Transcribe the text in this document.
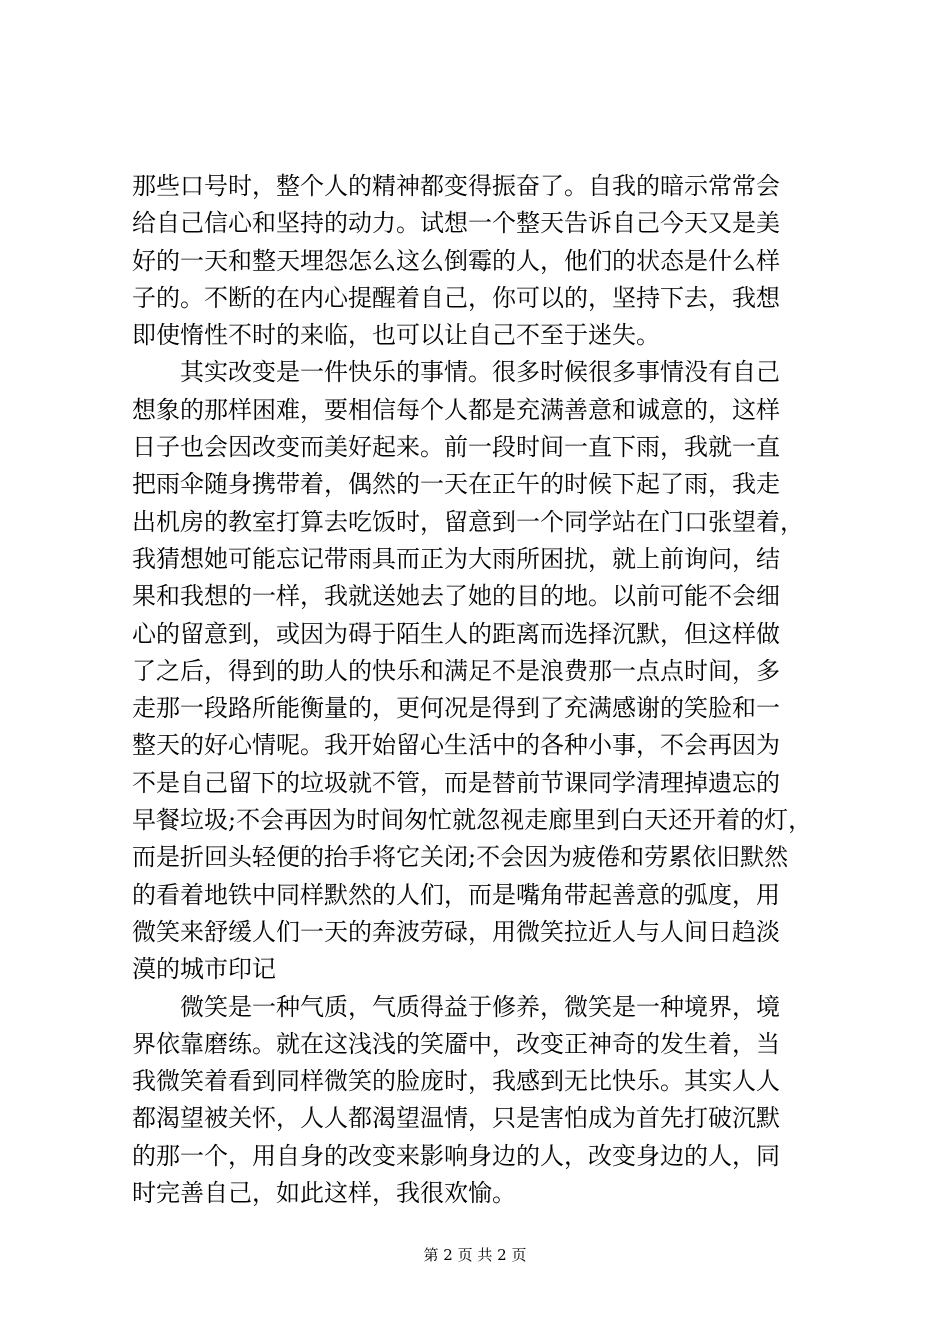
那些口号时，整个人的精神都变得振奋了。自我的暗示常常会
给自己信心和坚持的动力。试想一个整天告诉自己今天又是美
好的一天和整天埋怨怎么这么倒霉的人，他们的状态是什么样
子的。不断的在内心提醒着自己，你可以的，坚持下去，我想
即使惰性不时的来临，也可以让自己不至于迷失。
　　其实改变是一件快乐的事情。很多时候很多事情没有自己
想象的那样困难，要相信每个人都是充满善意和诚意的，这样
日子也会因改变而美好起来。前一段时间一直下雨，我就一直
把雨伞随身携带着，偶然的一天在正午的时候下起了雨，我走
出机房的教室打算去吃饭时，留意到一个同学站在门口张望着，
我猜想她可能忘记带雨具而正为大雨所困扰，就上前询问，结
果和我想的一样，我就送她去了她的目的地。以前可能不会细
心的留意到，或因为碍于陌生人的距离而选择沉默，但这样做
了之后，得到的助人的快乐和满足不是浪费那一点点时间，多
走那一段路所能衡量的，更何况是得到了充满感谢的笑脸和一
整天的好心情呢。我开始留心生活中的各种小事，不会再因为
不是自己留下的垃圾就不管，而是替前节课同学清理掉遗忘的
早餐垃圾;不会再因为时间匆忙就忽视走廊里到白天还开着的灯，
而是折回头轻便的抬手将它关闭;不会因为疲倦和劳累依旧默然
的看着地铁中同样默然的人们，而是嘴角带起善意的弧度，用
微笑来舒缓人们一天的奔波劳碌，用微笑拉近人与人间日趋淡
漠的城市印记
　　微笑是一种气质，气质得益于修养，微笑是一种境界，境
界依靠磨练。就在这浅浅的笑靥中，改变正神奇的发生着，当
我微笑着看到同样微笑的脸庞时，我感到无比快乐。其实人人
都渴望被关怀，人人都渴望温情，只是害怕成为首先打破沉默
的那一个，用自身的改变来影响身边的人，改变身边的人，同
时完善自己，如此这样，我很欢愉。
第 2 页 共 2 页
